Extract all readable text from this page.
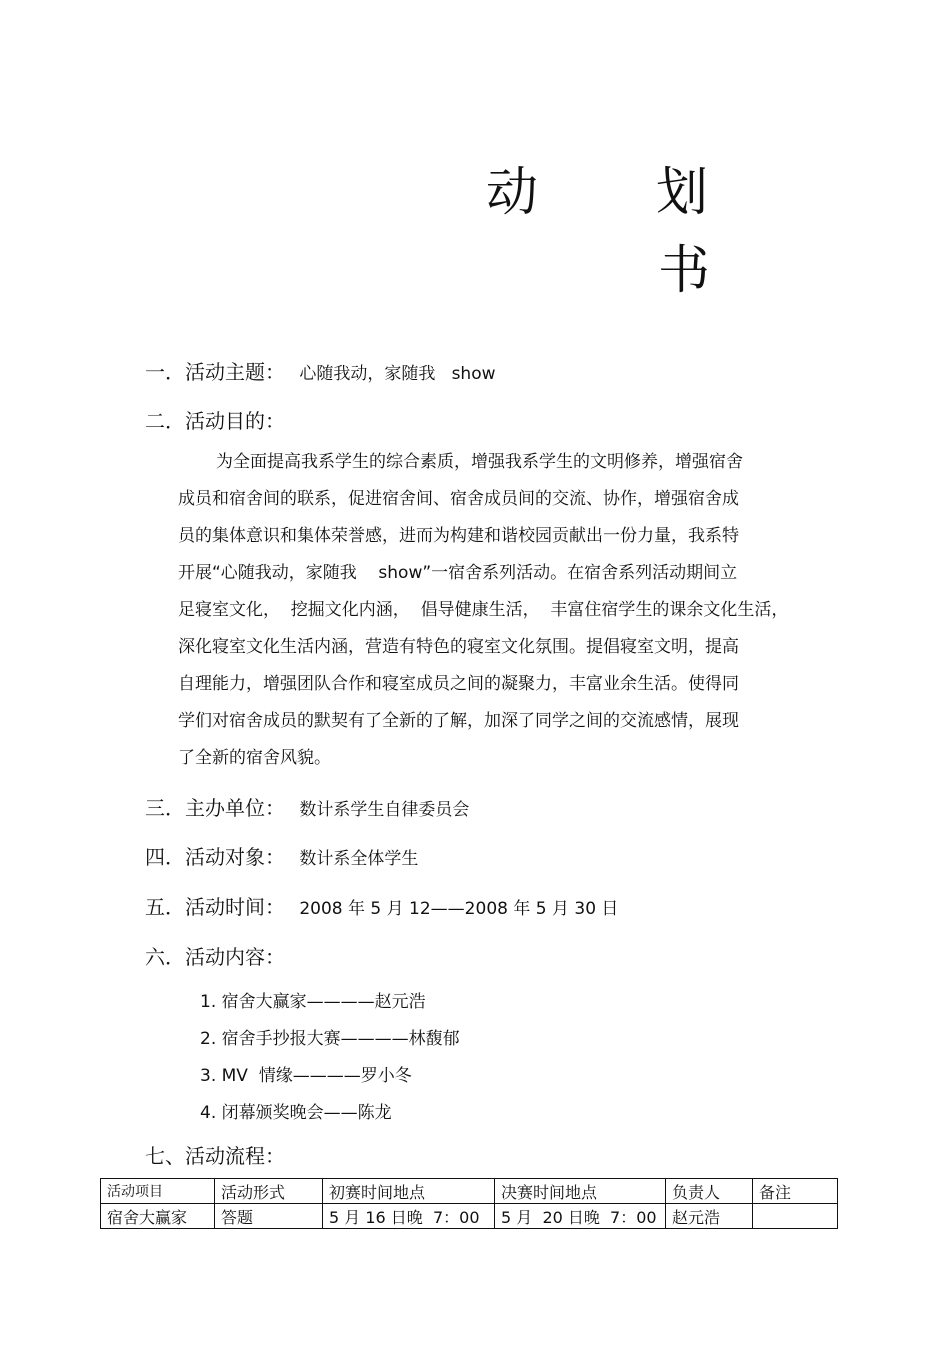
动 划
书
一．活动主题： 心随我动，家随我   show
二．活动目的：
为全面提高我系学生的综合素质，增强我系学生的文明修养，增强宿舍
成员和宿舍间的联系，促进宿舍间、宿舍成员间的交流、协作，增强宿舍成
员的集体意识和集体荣誉感，进而为构建和谐校园贡献出一份力量，我系特
开展“心随我动，家随我    show”一宿舍系列活动。在宿舍系列活动期间立
足寝室文化，  挖掘文化内涵，  倡导健康生活，  丰富住宿学生的课余文化生活，
深化寝室文化生活内涵，营造有特色的寝室文化氛围。提倡寝室文明，提高
自理能力，增强团队合作和寝室成员之间的凝聚力，丰富业余生活。使得同
学们对宿舍成员的默契有了全新的了解，加深了同学之间的交流感情，展现
了全新的宿舍风貌。
三．主办单位： 数计系学生自律委员会
四．活动对象： 数计系全体学生
五．活动时间： 2008 年 5 月 12——2008 年 5 月 30 日
六．活动内容：
1. 宿舍大赢家————赵元浩
2. 宿舍手抄报大赛————林馥郁
3. MV  情缘————罗小冬
4. 闭幕颁奖晚会——陈龙
七、活动流程：
活动项目	活动形式	初赛时间地点	决赛时间地点	负责人	备注
宿舍大赢家	答题	5 月 16 日晚  7：00	5 月  20 日晚  7：00	赵元浩	
